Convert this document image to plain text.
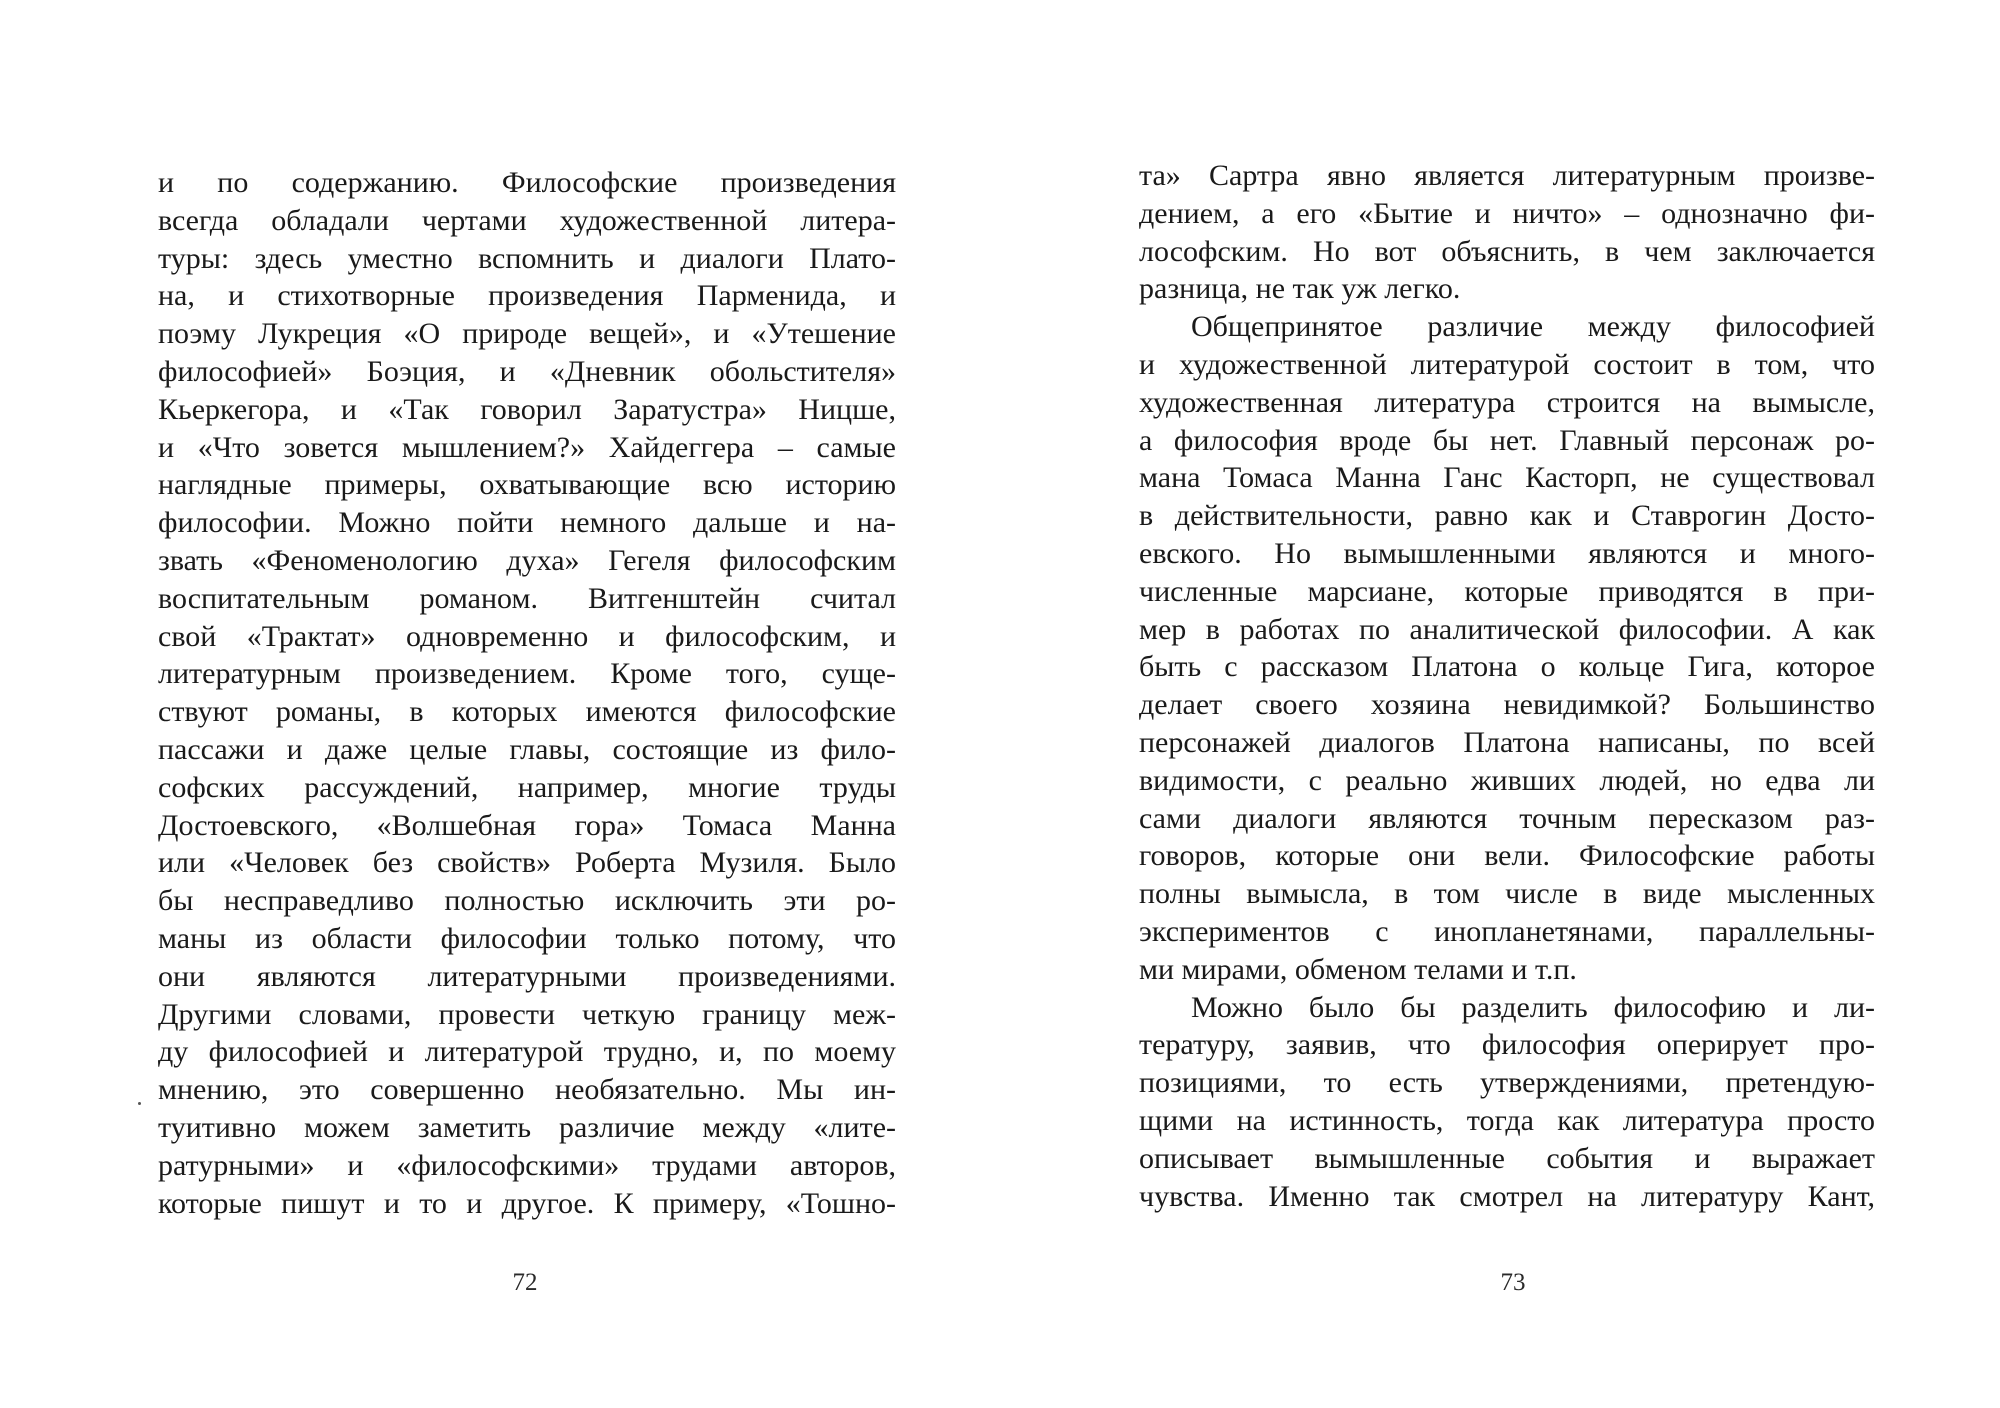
и по содержанию. Философские произведения
всегда обладали чертами художественной литера-
туры: здесь уместно вспомнить и диалоги Плато-
на, и стихотворные произведения Парменида, и
поэму Лукреция «О природе вещей», и «Утешение
философией» Боэция, и «Дневник обольстителя»
Кьеркегора, и «Так говорил Заратустра» Ницше,
и «Что зовется мышлением?» Хайдеггера – самые
наглядные примеры, охватывающие всю историю
философии. Можно пойти немного дальше и на-
звать «Феноменологию духа» Гегеля философским
воспитательным романом. Витгенштейн считал
свой «Трактат» одновременно и философским, и
литературным произведением. Кроме того, суще-
ствуют романы, в которых имеются философские
пассажи и даже целые главы, состоящие из фило-
софских рассуждений, например, многие труды
Достоевского, «Волшебная гора» Томаса Манна
или «Человек без свойств» Роберта Музиля. Было
бы несправедливо полностью исключить эти ро-
маны из области философии только потому, что
они являются литературными произведениями.
Другими словами, провести четкую границу меж-
ду философией и литературой трудно, и, по моему
мнению, это совершенно необязательно. Мы ин-
туитивно можем заметить различие между «лите-
ратурными» и «философскими» трудами авторов,
которые пишут и то и другое. К примеру, «Тошно-
72
та» Сартра явно является литературным произве-
дением, а его «Бытие и ничто» – однозначно фи-
лософским. Но вот объяснить, в чем заключается
разница, не так уж легко.
Общепринятое различие между философией
и художественной литературой состоит в том, что
художественная литература строится на вымысле,
а философия вроде бы нет. Главный персонаж ро-
мана Томаса Манна Ганс Касторп, не существовал
в действительности, равно как и Ставрогин Досто-
евского. Но вымышленными являются и много-
численные марсиане, которые приводятся в при-
мер в работах по аналитической философии. А как
быть с рассказом Платона о кольце Гига, которое
делает своего хозяина невидимкой? Большинство
персонажей диалогов Платона написаны, по всей
видимости, с реально живших людей, но едва ли
сами диалоги являются точным пересказом раз-
говоров, которые они вели. Философские работы
полны вымысла, в том числе в виде мысленных
экспериментов с инопланетянами, параллельны-
ми мирами, обменом телами и т.п.
Можно было бы разделить философию и ли-
тературу, заявив, что философия оперирует про-
позициями, то есть утверждениями, претендую-
щими на истинность, тогда как литература просто
описывает вымышленные события и выражает
чувства. Именно так смотрел на литературу Кант,
73
